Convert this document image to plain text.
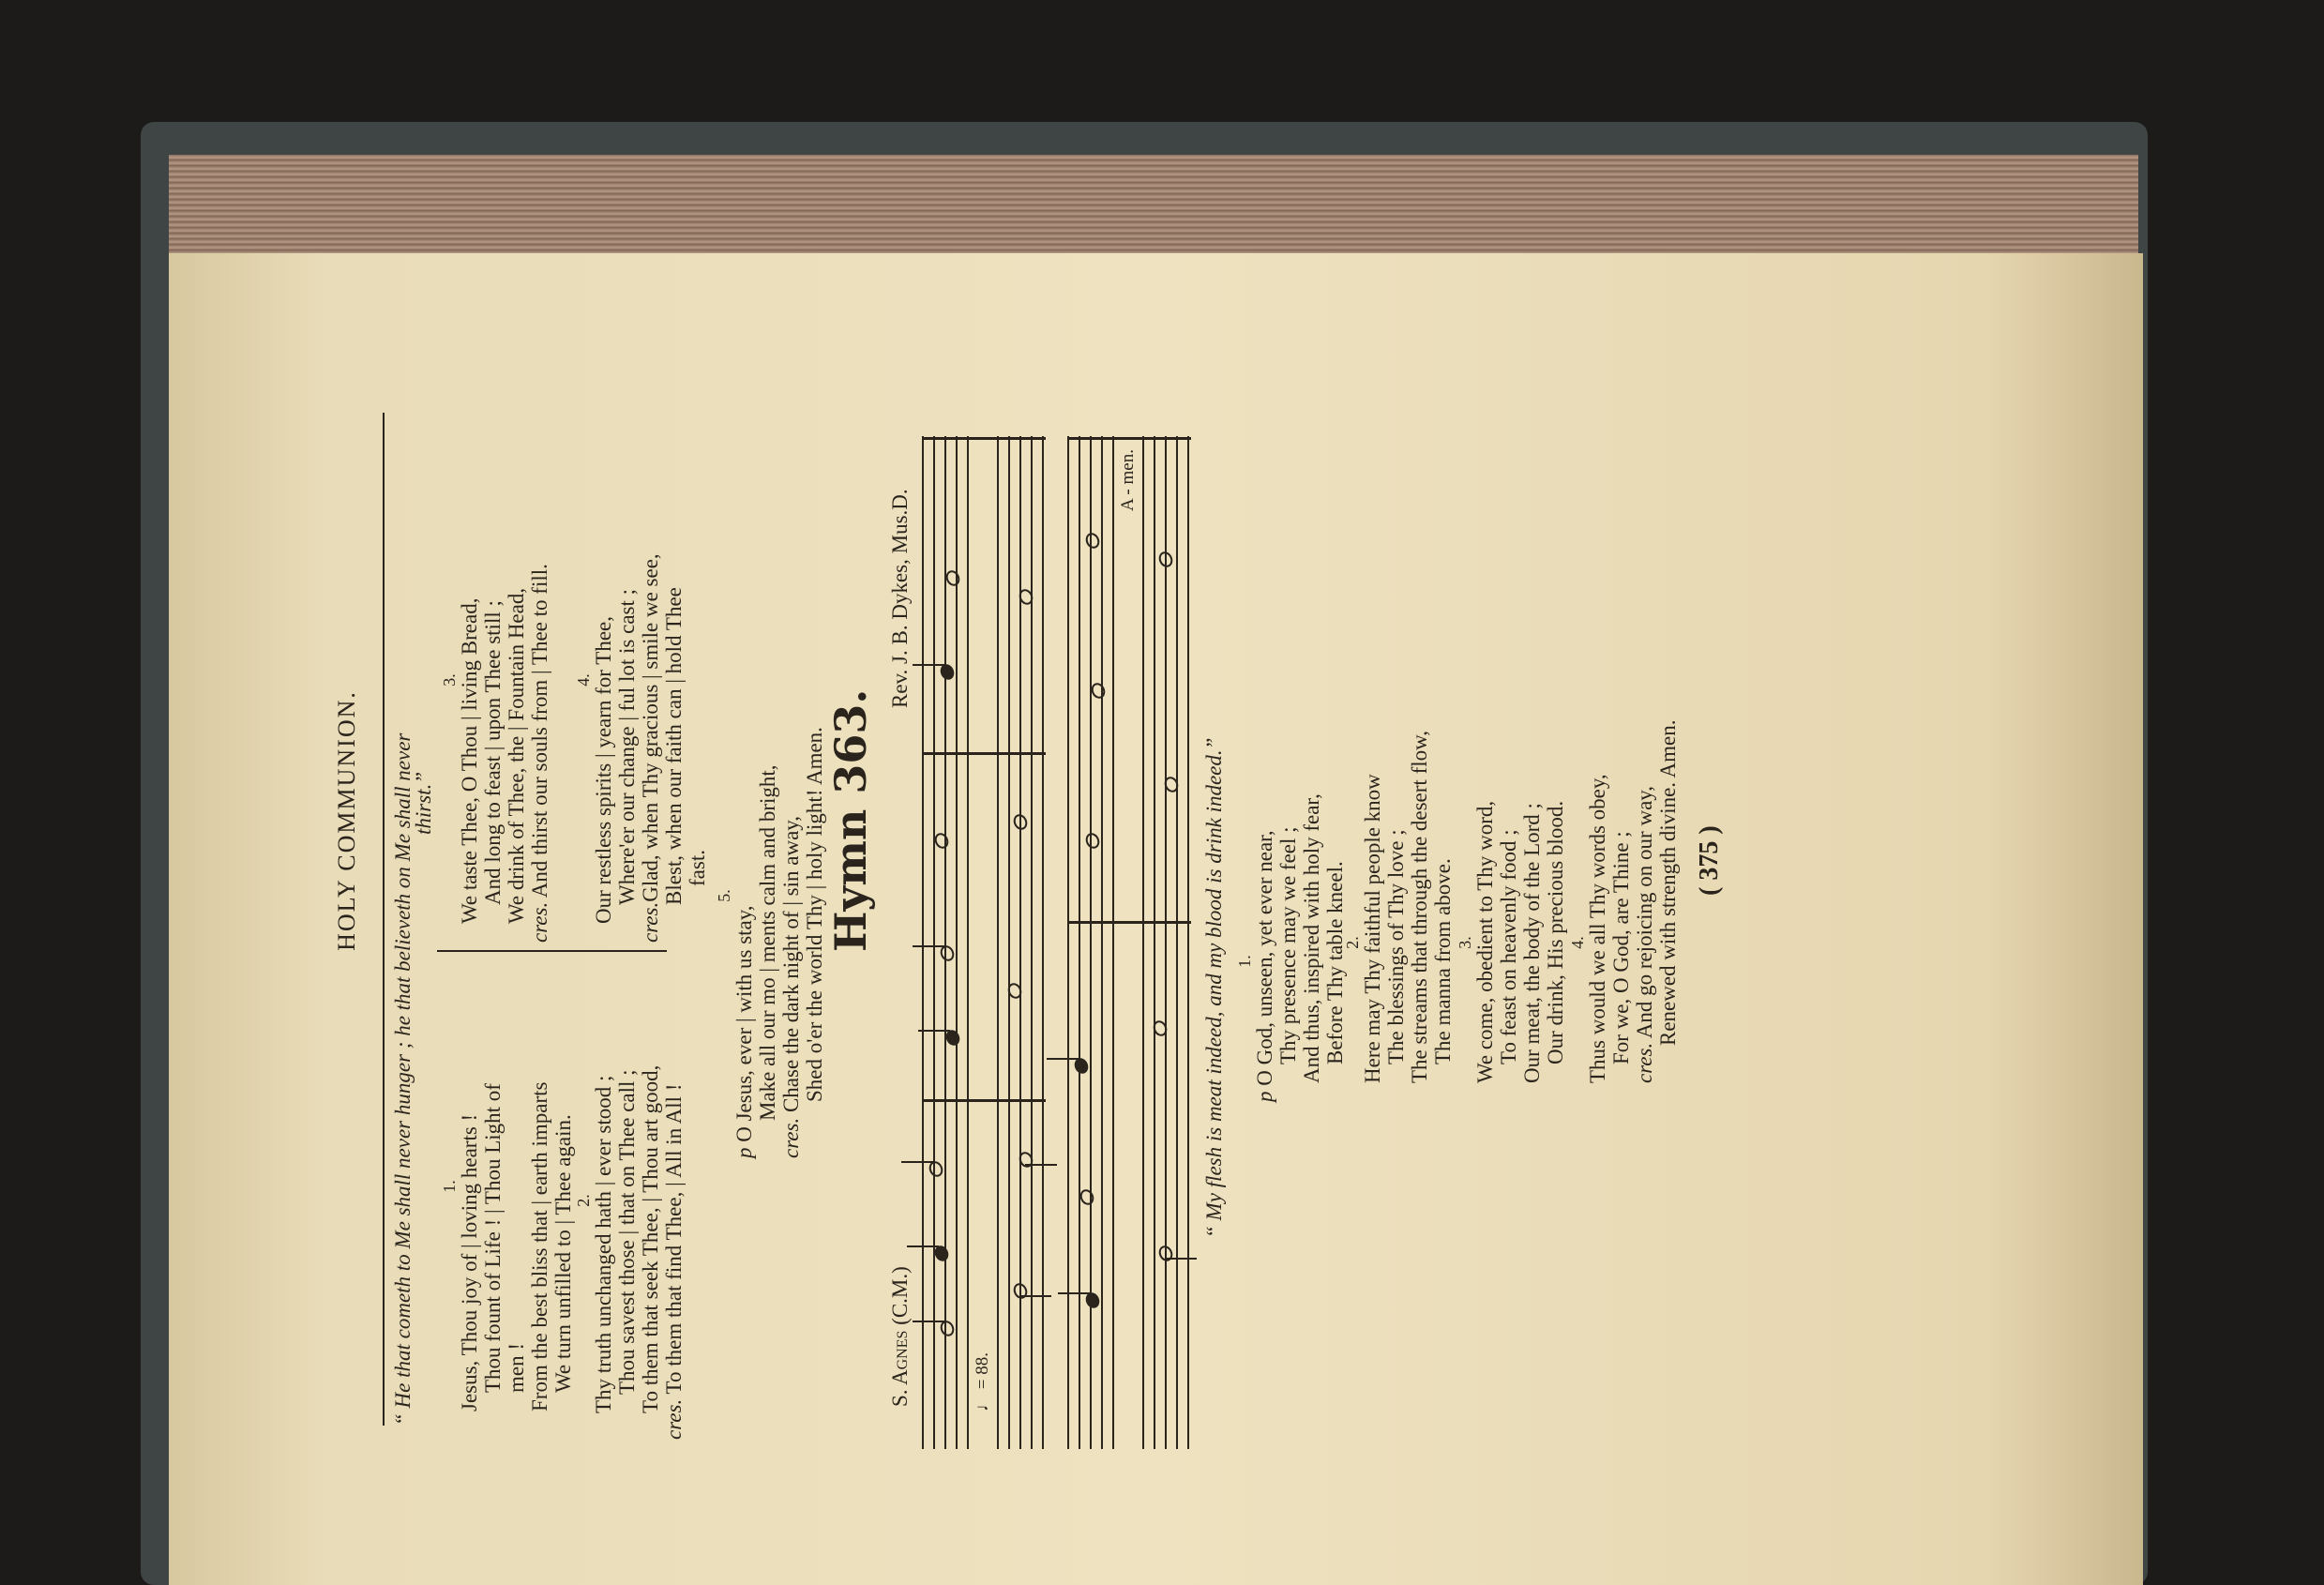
HOLY COMMUNION. “ He that cometh to Me shall never hunger ; he that believeth on Me shall never
thirst.”
1. Jesus, Thou joy of | loving hearts ! Thou fount of Life ! | Thou Light of men ! From the best bliss that | earth imparts We turn unfilled to | Thee again. 2. Thy truth unchanged hath | ever stood ; Thou savest those | that on Thee call ; To them that seek Thee, | Thou art good,
cres. To them that find Thee, | All in All !
3. We taste Thee, O Thou | living Bread, And long to feast | upon Thee still ; We drink of Thee, the | Fountain Head, cres. And thirst our souls from | Thee to fill. 4. Our restless spirits | yearn for Thee, Where'er our change | ful lot is cast ;
cres.Glad, when Thy gracious | smile we see, Blest, when our faith can | hold Thee fast.
5.
p O Jesus, ever | with us stay, Make all our mo | ments calm and bright,
cres. Chase the dark night of | sin away, Shed o'er the world Thy | holy light! Amen. Hymn 363.
S. Agnes (C.M.)
Rev. J. B. Dykes, Mus.D.
♩ = 88.
A - men.
“ My flesh is meat indeed, and my blood is drink indeed.” 1.
p O God, unseen, yet ever near, Thy presence may we feel ; And thus, inspired with holy fear, Before Thy table kneel.
2. Here may Thy faithful people know The blessings of Thy love ; The streams that through the desert flow, The manna from above. 3. We come, obedient to Thy word, To feast on heavenly food ; Our meat, the body of the Lord ; Our drink, His precious blood. 4. Thus would we all Thy words obey, For we, O God, are Thine ; cres. And go rejoicing on our way, Renewed with strength divine. Amen. ( 375 )
